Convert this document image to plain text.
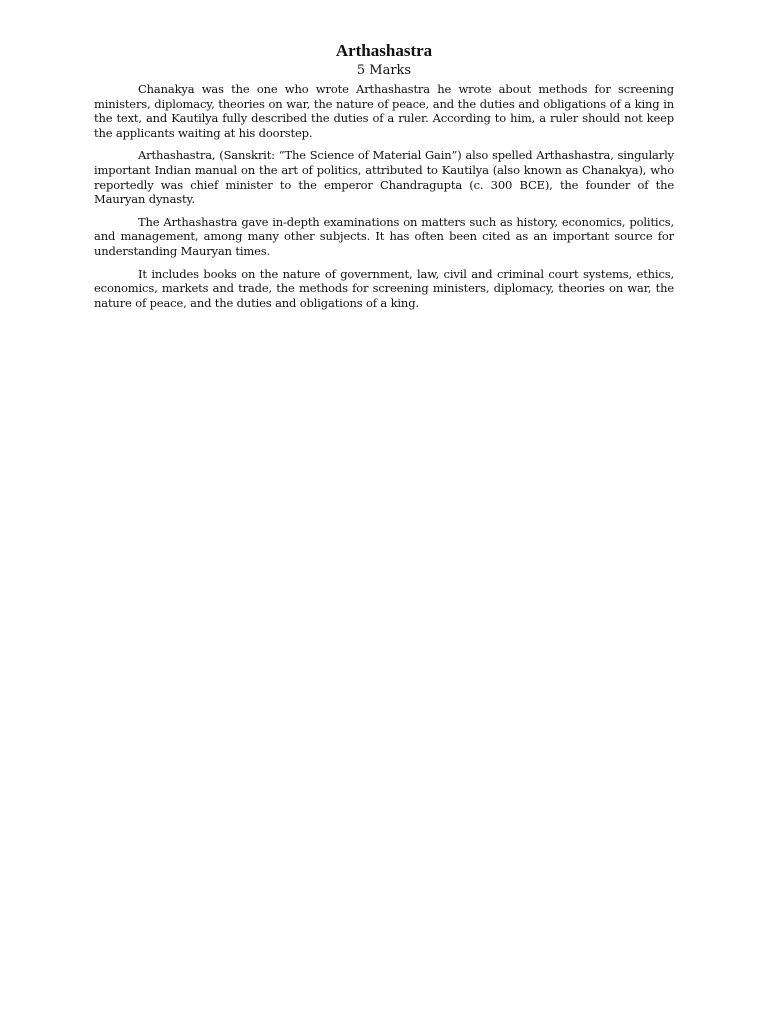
Arthashastra
5 Marks

Chanakya was the one who wrote Arthashastra he wrote about methods for screening ministers, diplomacy, theories on war, the nature of peace, and the duties and obligations of a king in the text, and Kautilya fully described the duties of a ruler. According to him, a ruler should not keep the applicants waiting at his doorstep.

Arthashastra, (Sanskrit: “The Science of Material Gain”) also spelled Arthashastra, singularly important Indian manual on the art of politics, attributed to Kautilya (also known as Chanakya), who reportedly was chief minister to the emperor Chandragupta (c. 300 BCE), the founder of the Mauryan dynasty.

The Arthashastra gave in-depth examinations on matters such as history, economics, politics, and management, among many other subjects. It has often been cited as an important source for understanding Mauryan times.

It includes books on the nature of government, law, civil and criminal court systems, ethics, economics, markets and trade, the methods for screening ministers, diplomacy, theories on war, the nature of peace, and the duties and obligations of a king.
